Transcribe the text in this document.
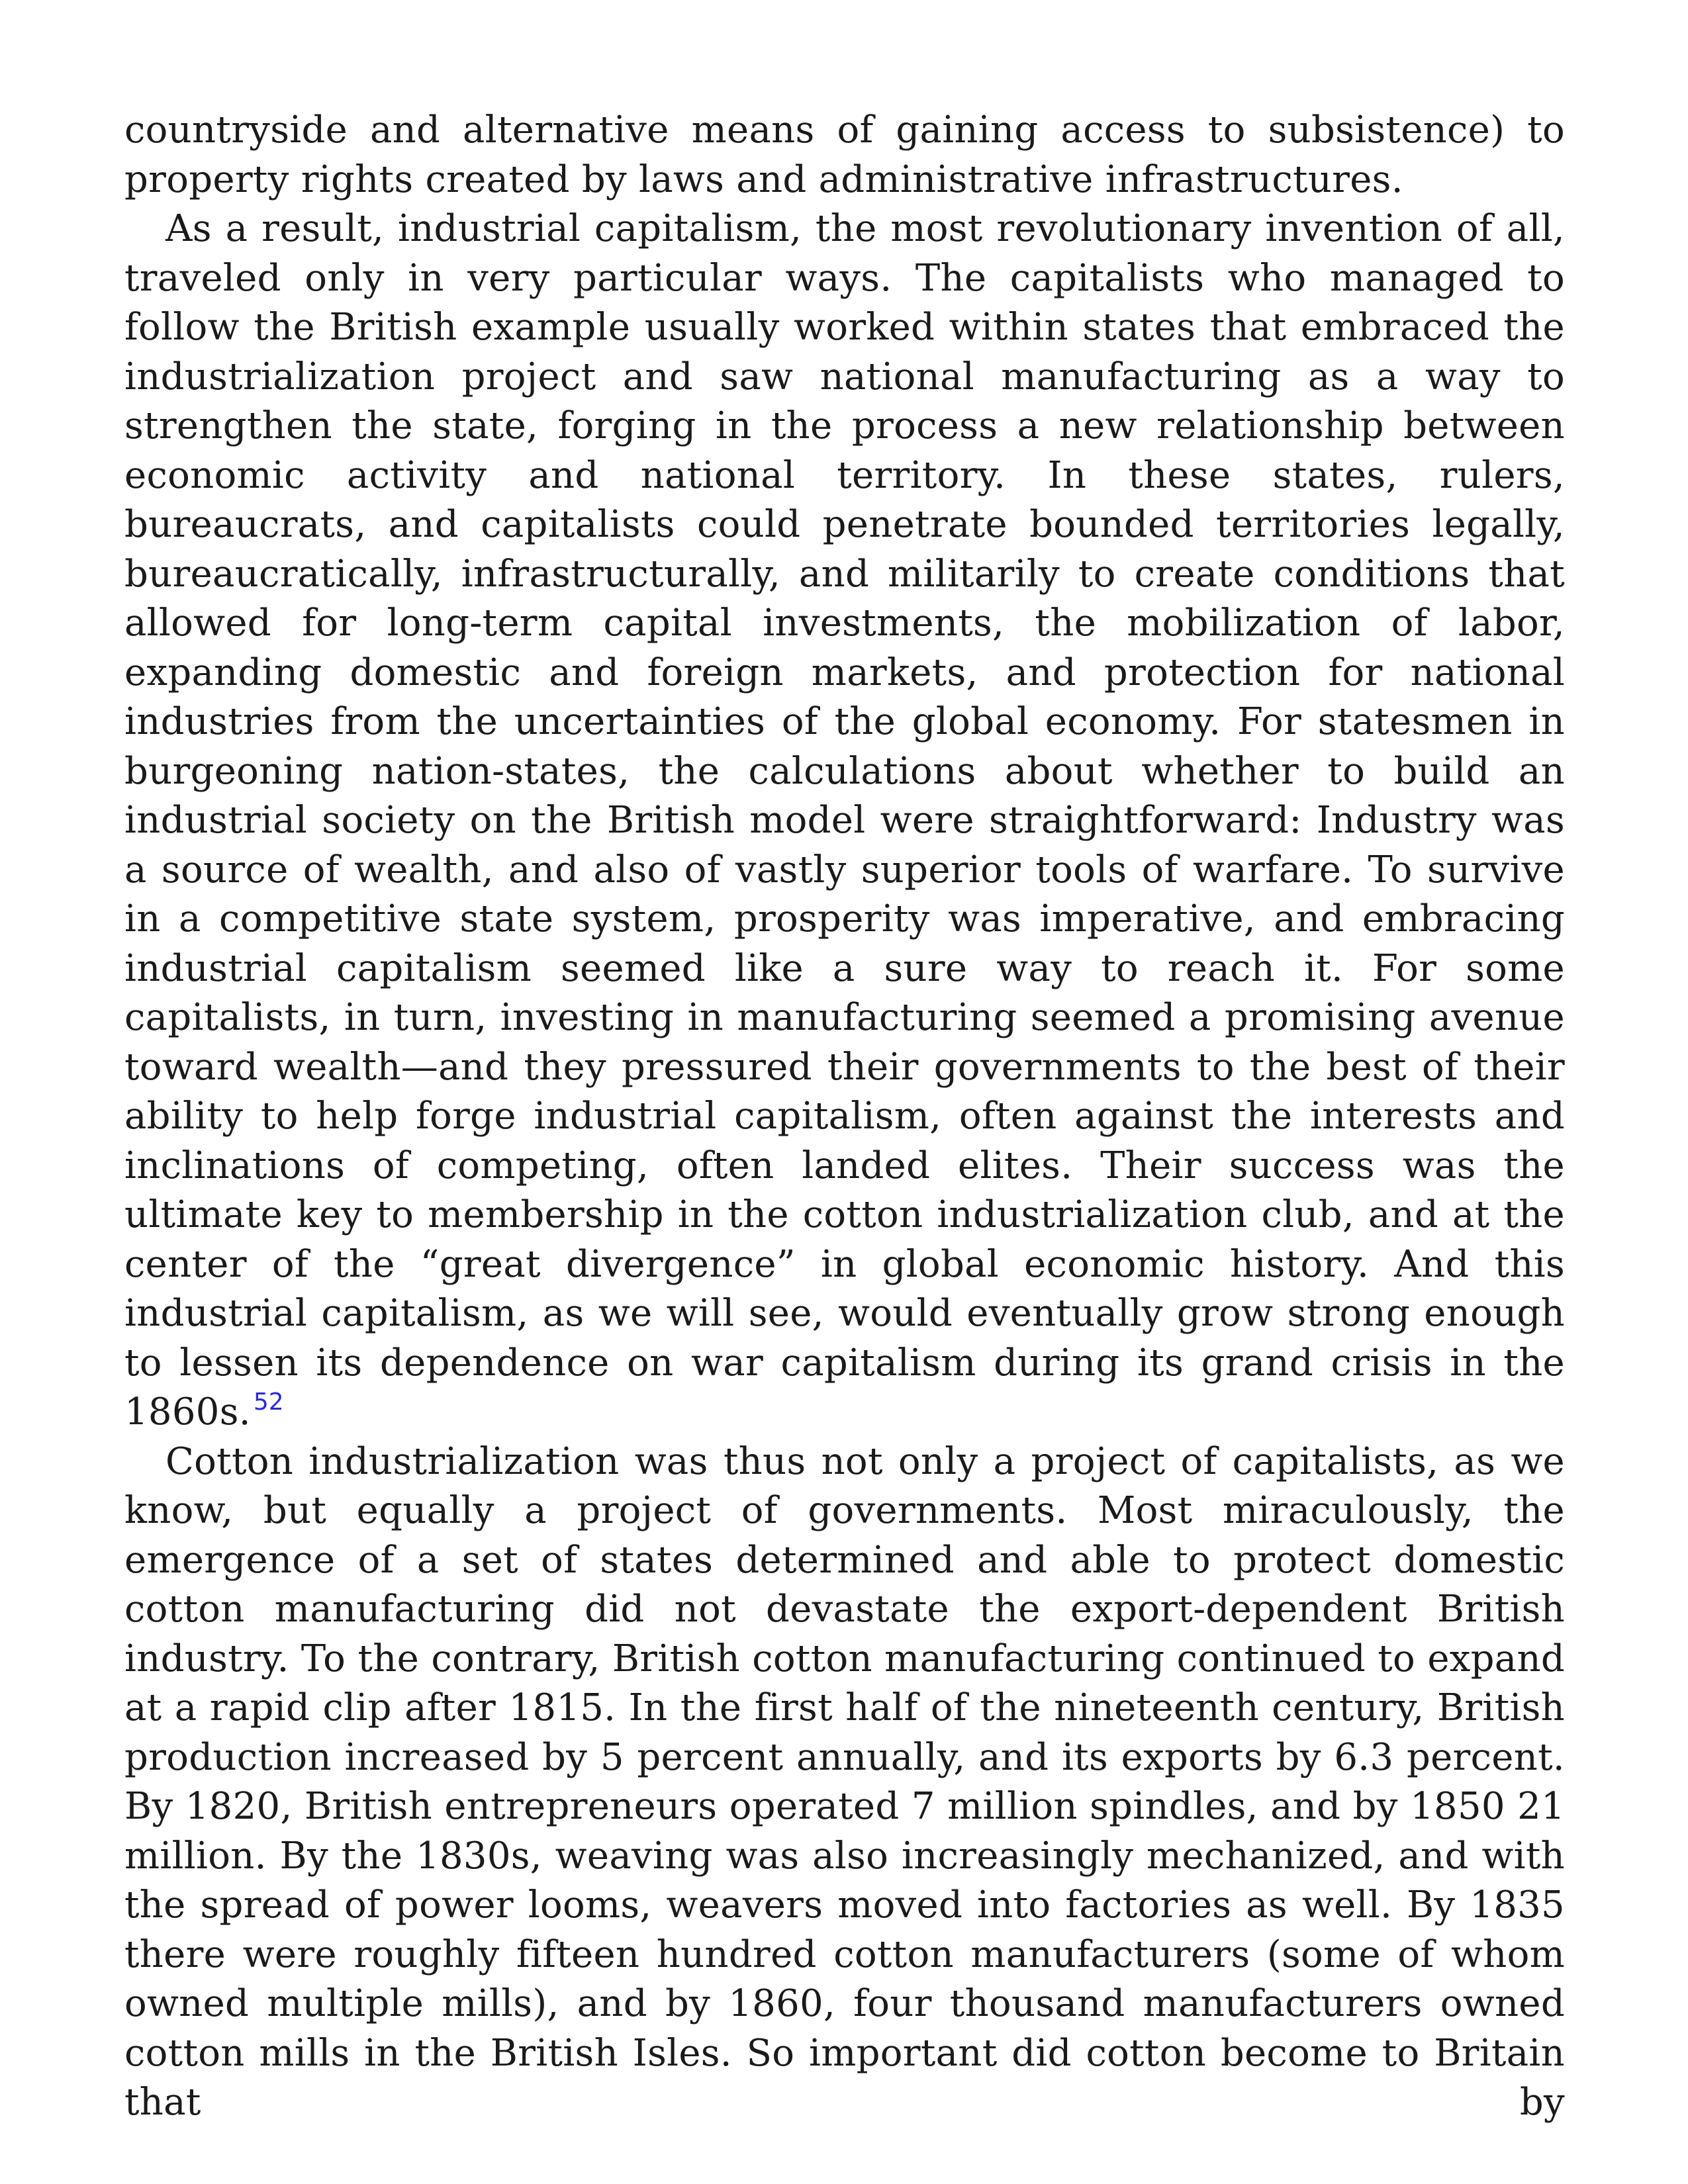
countryside and alternative means of gaining access to subsistence) to property rights created by laws and administrative infrastructures.

As a result, industrial capitalism, the most revolutionary invention of all, traveled only in very particular ways. The capitalists who managed to follow the British example usually worked within states that embraced the industrialization project and saw national manufacturing as a way to strengthen the state, forging in the process a new relationship between economic activity and national territory. In these states, rulers, bureaucrats, and capitalists could penetrate bounded territories legally, bureaucratically, infrastructurally, and militarily to create conditions that allowed for long-term capital investments, the mobilization of labor, expanding domestic and foreign markets, and protection for national industries from the uncertainties of the global economy. For statesmen in burgeoning nation-states, the calculations about whether to build an industrial society on the British model were straightforward: Industry was a source of wealth, and also of vastly superior tools of warfare. To survive in a competitive state system, prosperity was imperative, and embracing industrial capitalism seemed like a sure way to reach it. For some capitalists, in turn, investing in manufacturing seemed a promising avenue toward wealth—and they pressured their governments to the best of their ability to help forge industrial capitalism, often against the interests and inclinations of competing, often landed elites. Their success was the ultimate key to membership in the cotton industrialization club, and at the center of the “great divergence” in global economic history. And this industrial capitalism, as we will see, would eventually grow strong enough to lessen its dependence on war capitalism during its grand crisis in the 1860s. $^{52}$

Cotton industrialization was thus not only a project of capitalists, as we know, but equally a project of governments. Most miraculously, the emergence of a set of states determined and able to protect domestic cotton manufacturing did not devastate the export-dependent British industry. To the contrary, British cotton manufacturing continued to expand at a rapid clip after 1815. In the first half of the nineteenth century, British production increased by 5 percent annually, and its exports by 6.3 percent. By 1820, British entrepreneurs operated 7 million spindles, and by 1850 21 million. By the 1830s, weaving was also increasingly mechanized, and with the spread of power looms, weavers moved into factories as well. By 1835 there were roughly fifteen hundred cotton manufacturers (some of whom owned multiple mills), and by 1860, four thousand manufacturers owned cotton mills in the British Isles. So important did cotton become to Britain that by
